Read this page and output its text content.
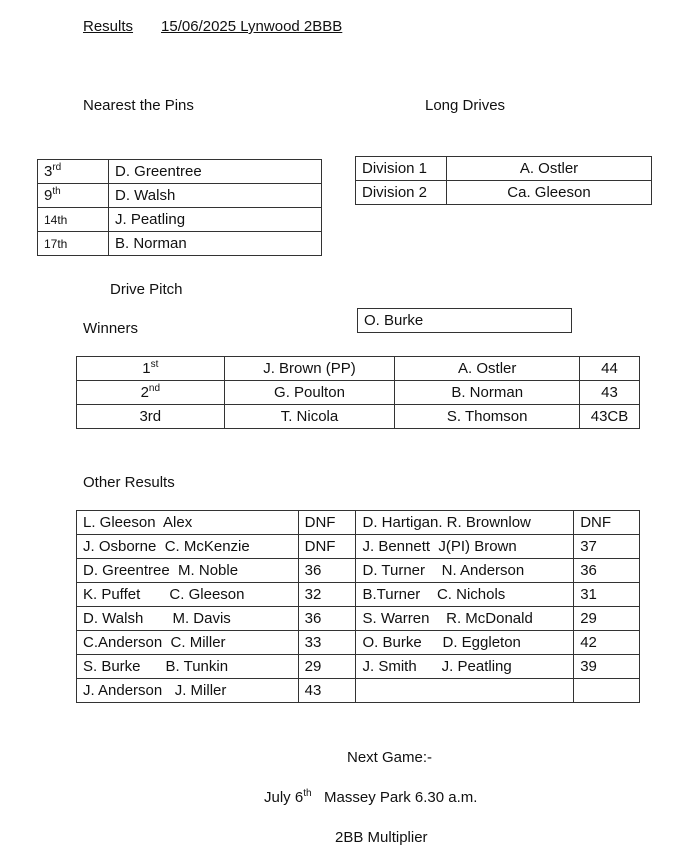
Results 15/06/2025 Lynwood 2BBB
Nearest the Pins	Long Drives
3rd	D. Greentree
9th	D. Walsh
14th	J. Peatling
17th	B. Norman
Division 1	A. Ostler
Division 2	Ca. Gleeson
Drive Pitch
O. Burke
Winners
1st	J. Brown (PP)	A. Ostler	44
2nd	G. Poulton	B. Norman	43
3rd	T. Nicola	S. Thomson	43CB
Other Results
L. Gleeson  Alex	DNF	D. Hartigan. R. Brownlow	DNF
J. Osborne  C. McKenzie	DNF	J. Bennett  J(PI) Brown	37
D. Greentree  M. Noble	36	D. Turner    N. Anderson	36
K. Puffet       C. Gleeson	32	B.Turner    C. Nichols	31
D. Walsh       M. Davis	36	S. Warren    R. McDonald	29
C.Anderson  C. Miller	33	O. Burke     D. Eggleton	42
S. Burke      B. Tunkin	29	J. Smith      J. Peatling	39
J. Anderson   J. Miller	43		
Next Game:-
July 6th Massey Park 6.30 a.m.
2BB Multiplier
